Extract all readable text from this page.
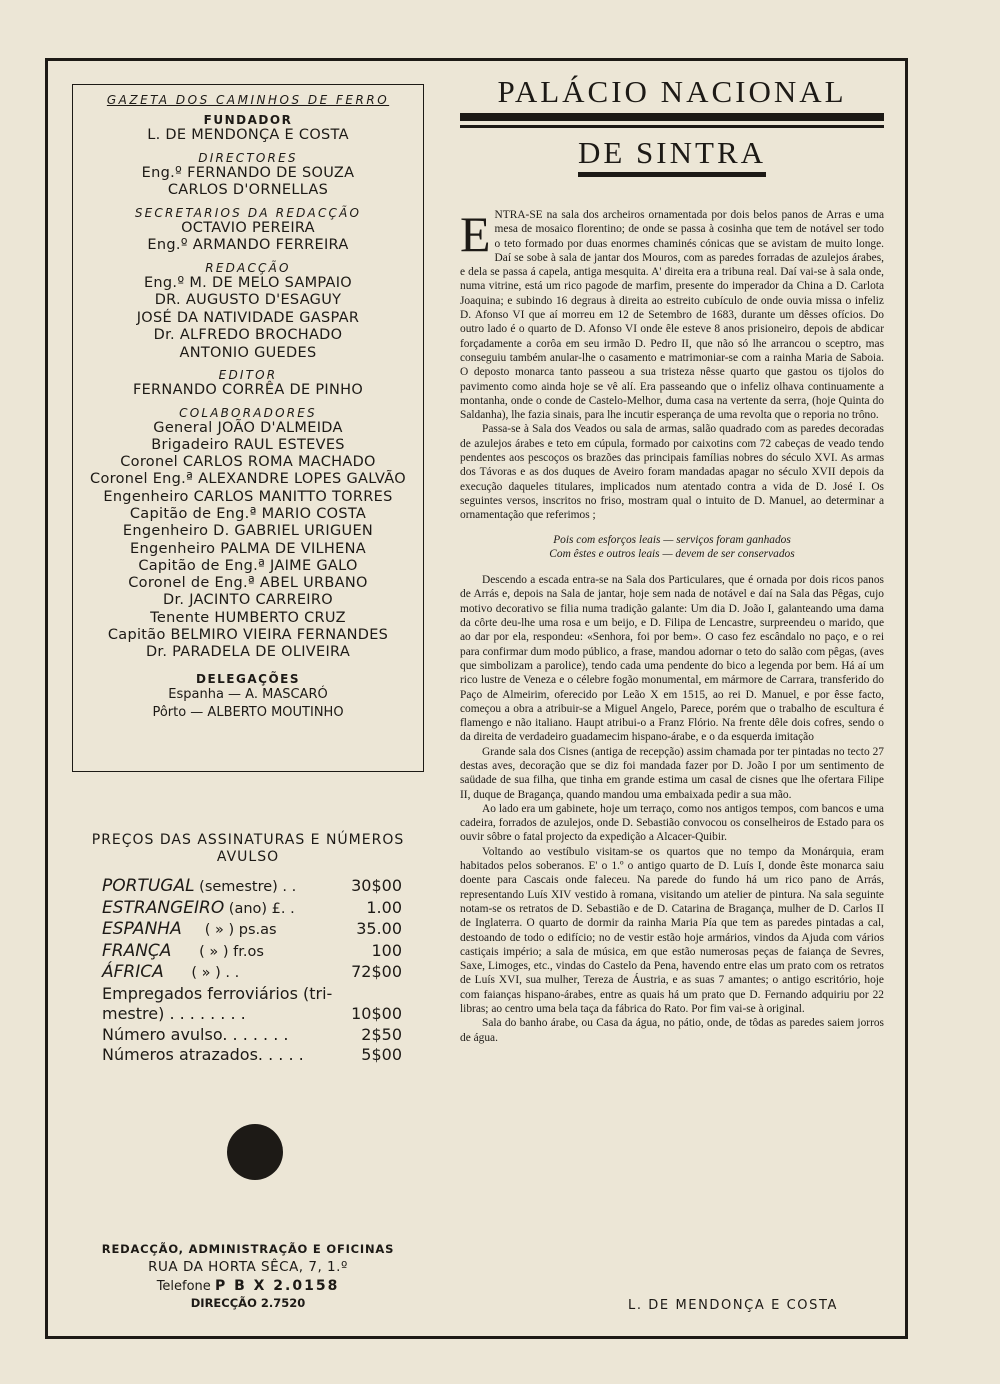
GAZETA DOS CAMINHOS DE FERRO
FUNDADOR
L. DE MENDONÇA E COSTA
DIRECTORES
Eng.º FERNANDO DE SOUZA
CARLOS D'ORNELLAS
SECRETARIOS DA REDACÇÃO
OCTAVIO PEREIRA
Eng.º ARMANDO FERREIRA
REDACÇÃO
Eng.º M. DE MELO SAMPAIO
DR. AUGUSTO D'ESAGUY
JOSÉ DA NATIVIDADE GASPAR
Dr. ALFREDO BROCHADO
ANTONIO GUEDES
EDITOR
FERNANDO CORRÊA DE PINHO
COLABORADORES
General JOÃO D'ALMEIDA
Brigadeiro RAUL ESTEVES
Coronel CARLOS ROMA MACHADO
Coronel Eng.ª ALEXANDRE LOPES GALVÃO
Engenheiro CARLOS MANITTO TORRES
Capitão de Eng.ª MARIO COSTA
Engenheiro D. GABRIEL URIGUEN
Engenheiro PALMA DE VILHENA
Capitão de Eng.ª JAIME GALO
Coronel de Eng.ª ABEL URBANO
Dr. JACINTO CARREIRO
Tenente HUMBERTO CRUZ
Capitão BELMIRO VIEIRA FERNANDES
Dr. PARADELA DE OLIVEIRA
DELEGAÇÕES
Espanha — A. MASCARÓ
Pôrto — ALBERTO MOUTINHO
PREÇOS DAS ASSINATURAS E NÚMEROS
AVULSO
PORTUGAL (semestre) . .	30$00
ESTRANGEIRO (ano) £. .	1.00
ESPANHA     ( » ) ps.as	35.00
FRANÇA      ( » ) fr.os	100
ÁFRICA      ( » ) . .	72$00
Empregados ferroviários (tri-
mestre) . . . . . . . .	10$00
Número avulso. . . . . . .	2$50
Números atrazados. . . . .	5$00
REDACÇÃO, ADMINISTRAÇÃO E OFICINAS
RUA DA HORTA SÊCA, 7, 1.º
Telefone P B X 2.0158
DIRECÇÃO 2.7520
PALÁCIO NACIONAL
DE SINTRA

ENTRA-SE na sala dos archeiros ornamentada por dois belos panos de Arras e uma mesa de mosaico florentino; de onde se passa à cosinha que tem de notável ser todo o teto formado por duas enormes chaminés cónicas que se avistam de muito longe. Daí se sobe à sala de jantar dos Mouros, com as paredes forradas de azulejos árabes, e dela se passa á capela, antiga mesquita. A' direita era a tribuna real. Daí vai-se à sala onde, numa vitrine, está um rico pagode de marfim, presente do imperador da China a D. Carlota Joaquina; e subindo 16 degraus à direita ao estreito cubículo de onde ouvia missa o infeliz D. Afonso VI que aí morreu em 12 de Setembro de 1683, durante um dêsses ofícios. Do outro lado é o quarto de D. Afonso VI onde êle esteve 8 anos prisioneiro, depois de abdicar forçadamente a corôa em seu irmão D. Pedro II, que não só lhe arrancou o sceptro, mas conseguiu também anular-lhe o casamento e matrimoniar-se com a rainha Maria de Saboia. O deposto monarca tanto passeou a sua tristeza nêsse quarto que gastou os tijolos do pavimento como ainda hoje se vê alí. Era passeando que o infeliz olhava continuamente a montanha, onde o conde de Castelo-Melhor, duma casa na vertente da serra, (hoje Quinta do Saldanha), lhe fazia sinais, para lhe incutir esperança de uma revolta que o reporia no trôno.

Passa-se à Sala dos Veados ou sala de armas, salão quadrado com as paredes decoradas de azulejos árabes e teto em cúpula, formado por caixotins com 72 cabeças de veado tendo pendentes aos pescoços os brazões das principais famílias nobres do século XVI. As armas dos Távoras e as dos duques de Aveiro foram mandadas apagar no século XVII depois da execução daqueles titulares, implicados num atentado contra a vida de D. José I. Os seguintes versos, inscritos no friso, mostram qual o intuito de D. Manuel, ao determinar a ornamentação que referimos ;

Pois com esforços leais — serviços foram ganhados
Com êstes e outros leais — devem de ser conservados

Descendo a escada entra-se na Sala dos Particulares, que é ornada por dois ricos panos de Arrás e, depois na Sala de jantar, hoje sem nada de notável e daí na Sala das Pêgas, cujo motivo decorativo se filia numa tradição galante: Um dia D. João I, galanteando uma dama da côrte deu-lhe uma rosa e um beijo, e D. Filipa de Lencastre, surpreendeu o marido, que ao dar por ela, respondeu: «Senhora, foi por bem». O caso fez escândalo no paço, e o rei para confirmar dum modo público, a frase, mandou adornar o teto do salão com pêgas, (aves que simbolizam a parolice), tendo cada uma pendente do bico a legenda por bem. Há aí um rico lustre de Veneza e o célebre fogão monumental, em mármore de Carrara, transferido do Paço de Almeirim, oferecido por Leão X em 1515, ao rei D. Manuel, e por êsse facto, começou a obra a atribuir-se a Miguel Angelo, Parece, porém que o trabalho de escultura é flamengo e não italiano. Haupt atribui-o a Franz Flório. Na frente dêle dois cofres, sendo o da direita de verdadeiro guadamecim hispano-árabe, e o da esquerda imitação

Grande sala dos Cisnes (antiga de recepção) assim chamada por ter pintadas no tecto 27 destas aves, decoração que se diz foi mandada fazer por D. João I por um sentimento de saüdade de sua filha, que tinha em grande estima um casal de cisnes que lhe ofertara Filipe II, duque de Bragança, quando mandou uma embaixada pedir a sua mão.

Ao lado era um gabinete, hoje um terraço, como nos antigos tempos, com bancos e uma cadeira, forrados de azulejos, onde D. Sebastião convocou os conselheiros de Estado para os ouvir sôbre o fatal projecto da expedição a Alcacer-Quibir.

Voltando ao vestíbulo visitam-se os quartos que no tempo da Monárquia, eram habitados pelos soberanos. E' o 1.º o antigo quarto de D. Luís I, donde êste monarca saiu doente para Cascais onde faleceu. Na parede do fundo há um rico pano de Arrás, representando Luís XIV vestido à romana, visitando um atelier de pintura. Na sala seguinte notam-se os retratos de D. Sebastião e de D. Catarina de Bragança, mulher de D. Carlos II de Inglaterra. O quarto de dormir da rainha Maria Pía que tem as paredes pintadas a cal, destoando de todo o edifício; no de vestir estão hoje armários, vindos da Ajuda com vários castiçais império; a sala de música, em que estão numerosas peças de faiança de Sevres, Saxe, Limoges, etc., vindas do Castelo da Pena, havendo entre elas um prato com os retratos de Luís XVI, sua mulher, Tereza de Áustria, e as suas 7 amantes; o antigo escritório, hoje com faianças hispano-árabes, entre as quais há um prato que D. Fernando adquiriu por 22 libras; ao centro uma bela taça da fábrica do Rato. Por fim vai-se à original.

Sala do banho árabe, ou Casa da água, no pátio, onde, de tôdas as paredes saiem jorros de água.

L. DE MENDONÇA E COSTA
